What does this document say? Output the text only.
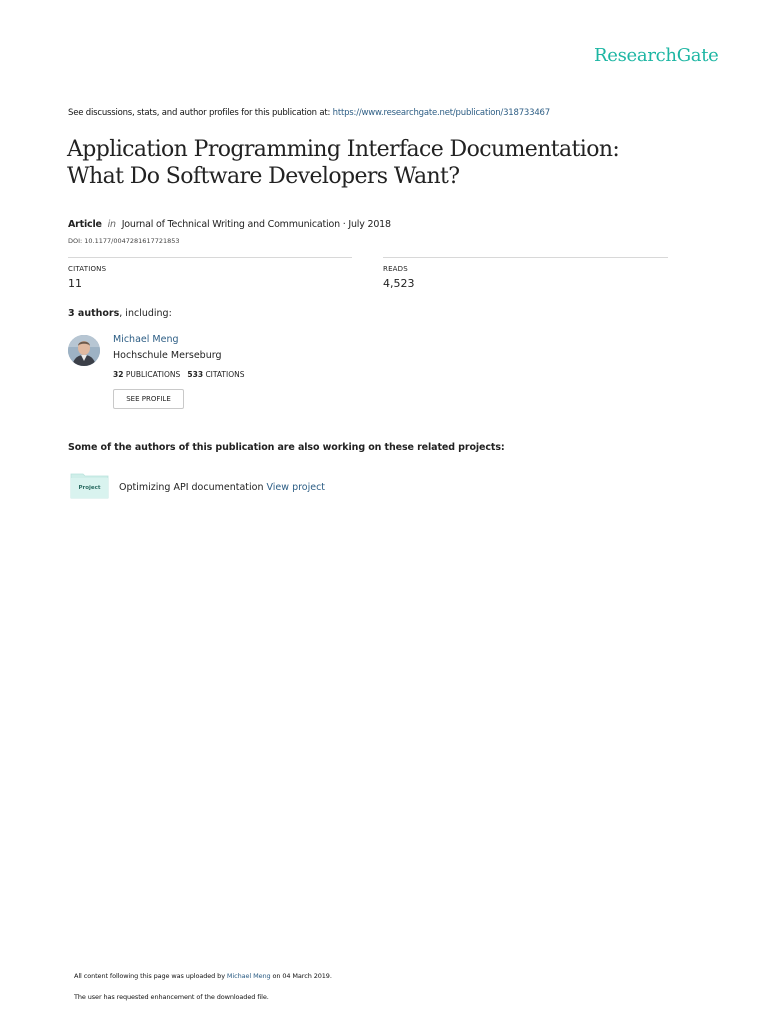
ResearchGate
See discussions, stats, and author profiles for this publication at: https://www.researchgate.net/publication/318733467
Application Programming Interface Documentation:
What Do Software Developers Want?
Article in Journal of Technical Writing and Communication · July 2018
DOI: 10.1177/0047281617721853
CITATIONS
11
READS
4,523
3 authors, including:
Michael Meng
Hochschule Merseburg
32 PUBLICATIONS 533 CITATIONS
SEE PROFILE
Some of the authors of this publication are also working on these related projects:
Project	Optimizing API documentation View project
All content following this page was uploaded by Michael Meng on 04 March 2019.
The user has requested enhancement of the downloaded file.
